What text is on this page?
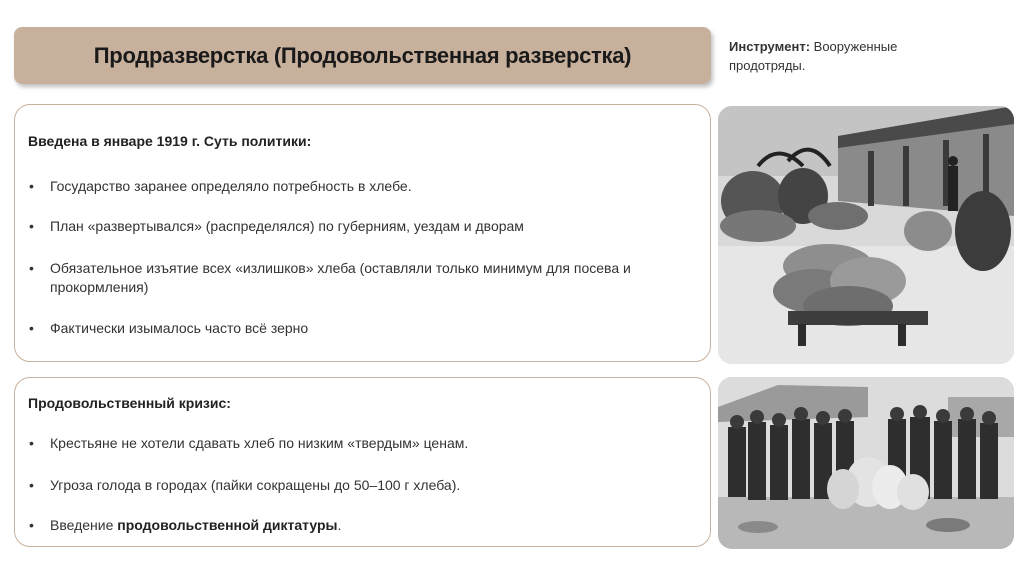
Продразверстка (Продовольственная разверстка)	Инструмент: Вооруженные продотряды.
Введена в январе 1919 г. Суть политики:
• Государство заранее определяло потребность в хлебе.
• План «развертывался» (распределялся) по губерниям, уездам и дворам
• Обязательное изъятие всех «излишков» хлеба (оставляли только минимум для посева и прокормления)
• Фактически изымалось часто всё зерно
Продовольственный кризис:
• Крестьяне не хотели сдавать хлеб по низким «твердым» ценам.
• Угроза голода в городах (пайки сокращены до 50–100 г хлеба).
• Введение продовольственной диктатуры.
